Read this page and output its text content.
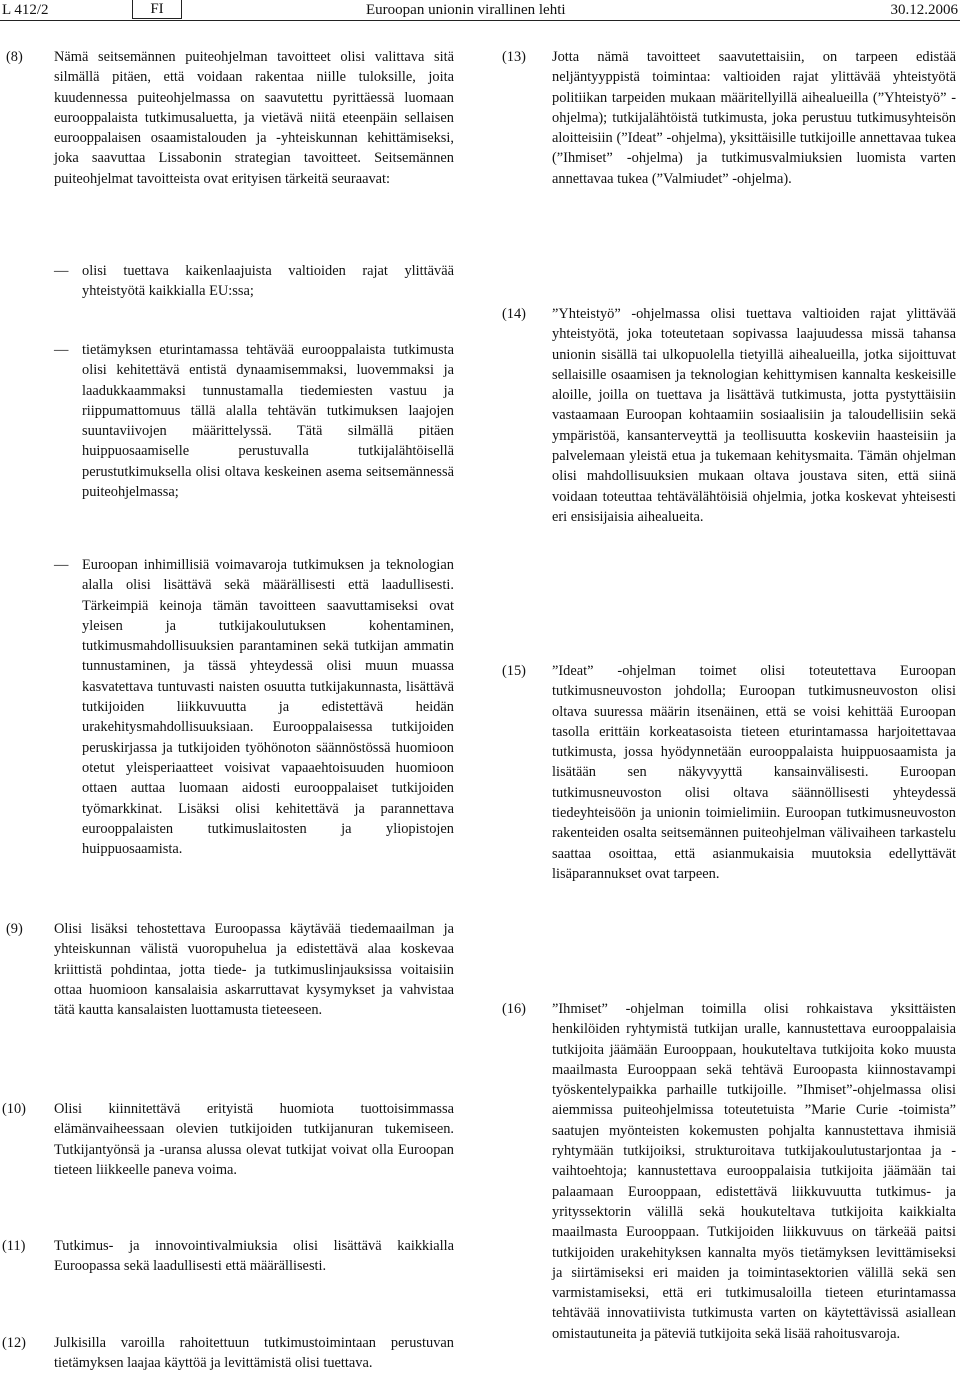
L 412/2	FI	Euroopan unionin virallinen lehti	30.12.2006
(8) Nämä seitsemännen puiteohjelman tavoitteet olisi valittava sitä silmällä pitäen, että voidaan rakentaa niille tuloksille, joita kuudennessa puiteohjelmassa on saavutettu pyrittäessä luomaan eurooppalaista tutkimusaluetta, ja vietävä niitä eteenpäin sellaisen eurooppalaisen osaamistalouden ja -yhteiskunnan kehittämiseksi, joka saavuttaa Lissabonin strategian tavoitteet. Seitsemännen puiteohjelmat tavoitteista ovat erityisen tärkeitä seuraavat:
— olisi tuettava kaikenlaajuista valtioiden rajat ylittävää yhteistyötä kaikkialla EU:ssa;
— tietämyksen eturintamassa tehtävää eurooppalaista tutkimusta olisi kehitettävä entistä dynaamisemmaksi, luovemmaksi ja laadukkaammaksi tunnustamalla tiedemiesten vastuu ja riippumattomuus tällä alalla tehtävän tutkimuksen laajojen suuntaviivojen määrittelyssä. Tätä silmällä pitäen huippuosaamiselle perustuvalla tutkijalähtöisellä perustutkimuksella olisi oltava keskeinen asema seitsemännessä puiteohjelmassa;
— Euroopan inhimillisiä voimavaroja tutkimuksen ja teknologian alalla olisi lisättävä sekä määrällisesti että laadullisesti. Tärkeimpiä keinoja tämän tavoitteen saavuttamiseksi ovat yleisen ja tutkijakoulutuksen kohentaminen, tutkimusmahdollisuuksien parantaminen sekä tutkijan ammatin tunnustaminen, ja tässä yhteydessä olisi muun muassa kasvatettava tuntuvasti naisten osuutta tutkijakunnasta, lisättävä tutkijoiden liikkuvuutta ja edistettävä heidän urakehitysmahdollisuuksiaan. Eurooppalaisessa tutkijoiden peruskirjassa ja tutkijoiden työhönoton säännöstössä huomioon otetut yleisperiaatteet voisivat vapaaehtoisuuden huomioon ottaen auttaa luomaan aidosti eurooppalaiset tutkijoiden työmarkkinat. Lisäksi olisi kehitettävä ja parannettava eurooppalaisten tutkimuslaitosten ja yliopistojen huippuosaamista.
(9) Olisi lisäksi tehostettava Euroopassa käytävää tiedemaailman ja yhteiskunnan välistä vuoropuhelua ja edistettävä alaa koskevaa kriittistä pohdintaa, jotta tiede- ja tutkimuslinjauksissa voitaisiin ottaa huomioon kansalaisia askarruttavat kysymykset ja vahvistaa tätä kautta kansalaisten luottamusta tieteeseen.
(10) Olisi kiinnitettävä erityistä huomiota tuottoisimmassa elämänvaiheessaan olevien tutkijoiden tutkijanuran tukemiseen. Tutkijantyönsä ja -uransa alussa olevat tutkijat voivat olla Euroopan tieteen liikkeelle paneva voima.
(11) Tutkimus- ja innovointivalmiuksia olisi lisättävä kaikkialla Euroopassa sekä laadullisesti että määrällisesti.
(12) Julkisilla varoilla rahoitettuun tutkimustoimintaan perustuvan tietämyksen laajaa käyttöä ja levittämistä olisi tuettava.
(13) Jotta nämä tavoitteet saavutettaisiin, on tarpeen edistää neljäntyyppistä toimintaa: valtioiden rajat ylittävää yhteistyötä politiikan tarpeiden mukaan määritellyillä aihealueilla (”Yhteistyö” -ohjelma); tutkijalähtöistä tutkimusta, joka perustuu tutkimusyhteisön aloitteisiin (”Ideat” -ohjelma), yksittäisille tutkijoille annettavaa tukea (”Ihmiset” -ohjelma) ja tutkimusvalmiuksien luomista varten annettavaa tukea (”Valmiudet” -ohjelma).
(14) ”Yhteistyö” -ohjelmassa olisi tuettava valtioiden rajat ylittävää yhteistyötä, joka toteutetaan sopivassa laajuudessa missä tahansa unionin sisällä tai ulkopuolella tietyillä aihealueilla, jotka sijoittuvat sellaisille osaamisen ja teknologian kehittymisen kannalta keskeisille aloille, joilla on tuettava ja lisättävä tutkimusta, jotta pystyttäisiin vastaamaan Euroopan kohtaamiin sosiaalisiin ja taloudellisiin sekä ympäristöä, kansanterveyttä ja teollisuutta koskeviin haasteisiin ja palvelemaan yleistä etua ja tukemaan kehitysmaita. Tämän ohjelman olisi mahdollisuuksien mukaan oltava joustava siten, että siinä voidaan toteuttaa tehtävälähtöisiä ohjelmia, jotka koskevat yhteisesti eri ensisijaisia aihealueita.
(15) ”Ideat” -ohjelman toimet olisi toteutettava Euroopan tutkimusneuvoston johdolla; Euroopan tutkimusneuvoston olisi oltava suuressa määrin itsenäinen, että se voisi kehittää Euroopan tasolla erittäin korkeatasoista tieteen eturintamassa harjoitettavaa tutkimusta, jossa hyödynnetään eurooppalaista huippuosaamista ja lisätään sen näkyvyyttä kansainvälisesti. Euroopan tutkimusneuvoston olisi oltava säännöllisesti yhteydessä tiedeyhteisöön ja unionin toimielimiin. Euroopan tutkimusneuvoston rakenteiden osalta seitsemännen puiteohjelman välivaiheen tarkastelu saattaa osoittaa, että asianmukaisia muutoksia edellyttävät lisäparannukset ovat tarpeen.
(16) ”Ihmiset” -ohjelman toimilla olisi rohkaistava yksittäisten henkilöiden ryhtymistä tutkijan uralle, kannustettava eurooppalaisia tutkijoita jäämään Eurooppaan, houkuteltava tutkijoita koko muusta maailmasta Eurooppaan sekä tehtävä Euroopasta kiinnostavampi työskentelypaikka parhaille tutkijoille. ”Ihmiset”-ohjelmassa olisi aiemmissa puiteohjelmissa toteutetuista ”Marie Curie -toimista” saatujen myönteisten kokemusten pohjalta kannustettava ihmisiä ryhtymään tutkijoiksi, strukturoitava tutkijakoulutustarjontaa ja -vaihtoehtoja; kannustettava eurooppalaisia tutkijoita jäämään tai palaamaan Eurooppaan, edistettävä liikkuvuutta tutkimus- ja yrityssektorin välillä sekä houkuteltava tutkijoita kaikkialta maailmasta Eurooppaan. Tutkijoiden liikkuvuus on tärkeää paitsi tutkijoiden urakehityksen kannalta myös tietämyksen levittämiseksi ja siirtämiseksi eri maiden ja toimintasektorien välillä sekä sen varmistamiseksi, että eri tutkimusaloilla tieteen eturintamassa tehtävää innovatiivista tutkimusta varten on käytettävissä asiallean omistautuneita ja päteviä tutkijoita sekä lisää rahoitusvaroja.
